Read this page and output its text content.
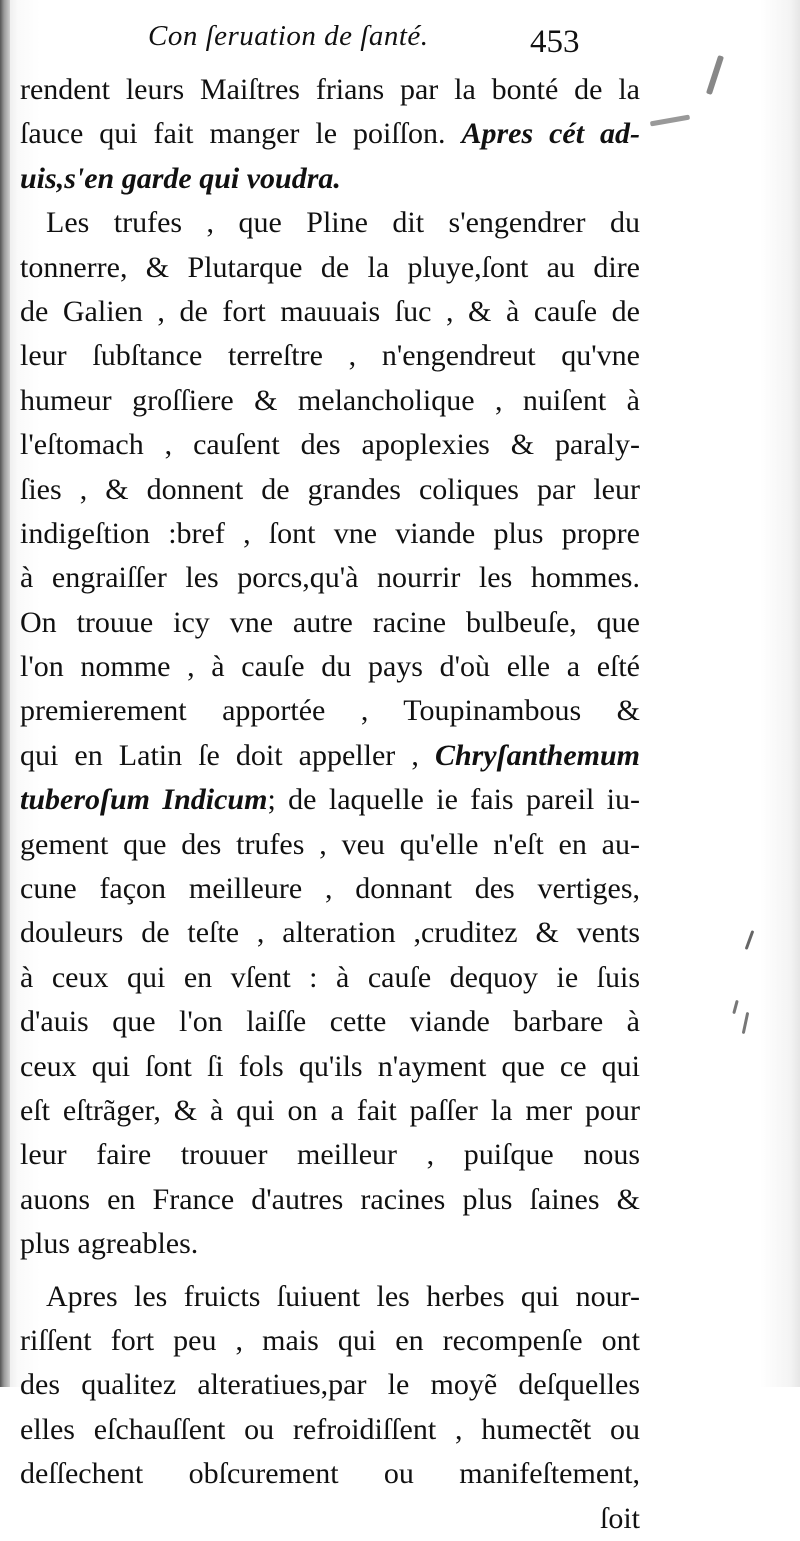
Con ſeruation de ſanté.	453
rendent leurs Maiſtres frians par la bonté de la
ſauce qui fait manger le poiſſon. Apres cét ad-
uis,s'en garde qui voudra.
Les trufes , que Pline dit s'engendrer du
tonnerre, & Plutarque de la pluye,ſont au dire
de Galien , de fort mauuais ſuc , & à cauſe de
leur ſubſtance terreſtre , n'engendreut qu'vne
humeur groſſiere & melancholique , nuiſent à
l'eſtomach , cauſent des apoplexies & paraly-
ſies , & donnent de grandes coliques par leur
indigeſtion :bref , ſont vne viande plus propre
à engraiſſer les porcs,qu'à nourrir les hommes.
On trouue icy vne autre racine bulbeuſe, que
l'on nomme , à cauſe du pays d'où elle a eſté
premierement apportée , Toupinambous &
qui en Latin ſe doit appeller , Chryſanthemum
tuberoſum Indicum; de laquelle ie fais pareil iu-
gement que des trufes , veu qu'elle n'eſt en au-
cune façon meilleure , donnant des vertiges,
douleurs de teſte , alteration ,cruditez & vents
à ceux qui en vſent : à cauſe dequoy ie ſuis
d'auis que l'on laiſſe cette viande barbare à
ceux qui ſont ſi fols qu'ils n'ayment que ce qui
eſt eſtrãger, & à qui on a fait paſſer la mer pour
leur faire trouuer meilleur , puiſque nous
auons en France d'autres racines plus ſaines &
plus agreables.
Apres les fruicts ſuiuent les herbes qui nour-
riſſent fort peu , mais qui en recompenſe ont
des qualitez alteratiues,par le moyẽ deſquelles
elles eſchauſſent ou refroidiſſent , humectẽt ou
deſſechent obſcurement ou manifeſtement,
ſoit
